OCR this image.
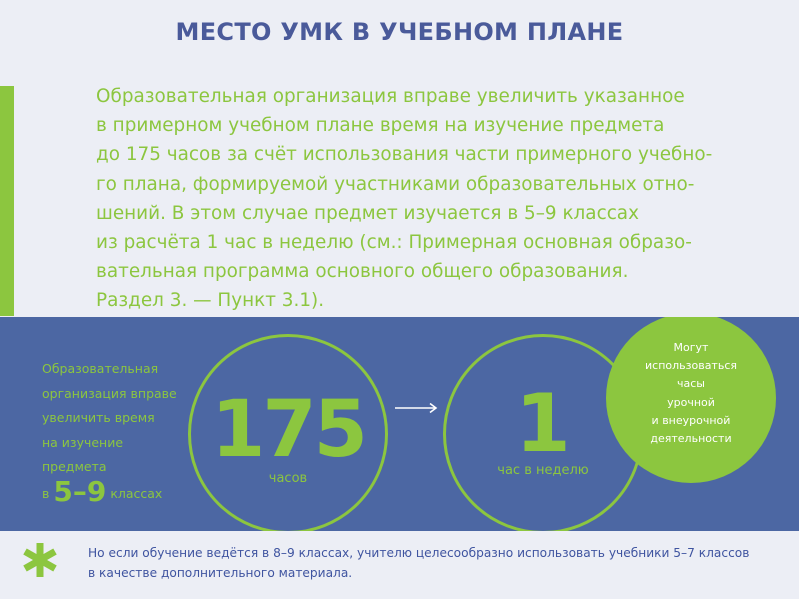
МЕСТО УМК В УЧЕБНОМ ПЛАНЕ

Образовательная организация вправе увеличить указанное
в примерном учебном плане время на изучение предмета
до 175 часов за счёт использования части примерного учебно-
го плана, формируемой участниками образовательных отно-
шений. В этом случае предмет изучается в 5–9 классах
из расчёта 1 час в неделю (см.: Примерная основная образо-
вательная программа основного общего образования.
Раздел 3. — Пункт 3.1).

Образовательная
организация вправе
увеличить время
на изучение
предмета
в 5–9 классах
175
часов
1
час в неделю
Могут
использоваться
часы
урочной
и внеурочной
деятельности
Но если обучение ведётся в 8–9 классах, учителю целесообразно использовать учебники 5–7 классов
в качестве дополнительного материала.
